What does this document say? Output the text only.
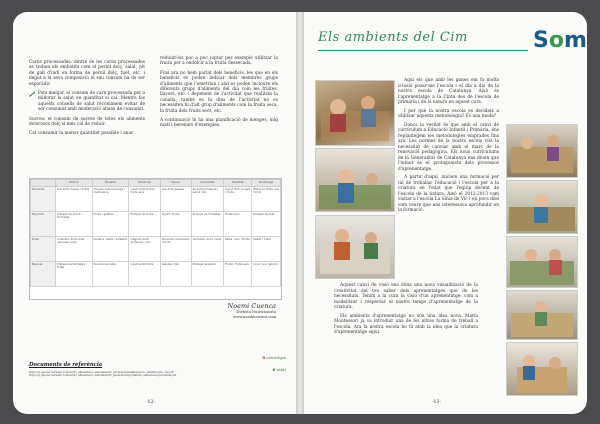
Carns processades: dintre de les carns processades es troben els embotits com el pernil dolç, salat, pit de gall d'indi en forma de pernil dolç, fuet, etc. i degut a la seva composició el seu consum ha de ser esporàdic.

Pots menjar, el consum de carn processada per a millorar la salut en quantitat si cal. Mentre fas aquests consells de salut recomanem evitar de ser consumit amb moderació abans de consumit.

Sucres: el consum de sucres de totes els aliments dolorosos dolç sí més cal de reduir.

Cal consumir la menor quantitat possible i anar

reduint-los poc a poc (optar per exemple utilitzar la fruita per a endolcir a la fruita dessecada.

Fins ara no hem parlat dels beneficis, les que en els beneficis es poden indicar dels membres grups d'aliments que l'ometrían i així es poden incloure els diferents grups d'aliments del dia com les fruites, llavors, etc. i depenent de l'activitat que realitzin la canalla, també es hi dins de l'activitat no es necessiten hi d'alt grup d'aliments com la fruita seca, la fruita dels fruits secs, etc.

A continuació hi ha una planificació de menges, mig matí i berenars d'exemples.

	Dilluns	Dimarts	Dimecres	Dijous	Divendres	Dissabte	Diumenge
Esmorzar	Llet amb cereals i fruita	Torrada amb mantega i melmelada	Iogurt amb fruita i fruits secs	Llet amb galetes	Pa amb tomàquet i pernil dolç	Iogurt amb cereals i fruita	Batut de fruita i pa torrat
Mig matí	Entrepà de pernil i formatge	Fruita i galetes	Entrepà de truita	Iogurt i fruita	Entrepà de formatge	Fruita seca	Entrepà de fuet
Dinar	Amanida, arròs amb verdures i peix	Verdura, pasta i pollastre	Llegums amb verdures i carn	Amanida, macarrons i truita	Verdures, arròs i peix	Pasta, carn i fruita	Paella i fruita
Berenar	Entrepà de formatge i fruita	Pa amb xocolata	Iogurt amb fruita	Galetes i llet	Entrepà de pernil	Fruita i fruits secs	Coca i suc natural
Noemi Cuenca
Dietista Nutricionista
www.noemicuenca.com
Documents de referència
http://cg.gencat.cat/web/.content/01_alimentacio_saludable/02_publicacions/alimentacio_infantil/guia_cas.pdf
http://cg.gencat.cat/web/.content/01_alimentacio_saludable/02_publicacions/piramide_alimentacio/piramide.pdf
✿ estratègia
❀ salut
-12-
Els ambients del Cim	Som

Aquí els que amb les ganes em fa molta il·lusió posar-me l'escola i el dia a dia de la nostra escola de Catalunya. Això és l'aprenentatge a la Cinta des de l'escola de primària i de la natura en aquest curs.

I per què la nostra escola es decideix a utilitzar aquesta metodologia? És una moda?

Doncs la veritat és que amb el canvi de currículum a Educació Infantil i Primària, ens replantegem les metodologies emprades fins ara. Les normes de la nostra escola vist la necessitat de canviar amb el marc de la renovació pedagògica. Els nous currículums de la Generalitat de Catalunya ens diuen que l'infant és el protagonista dels processos d'aprenentatge.

A partir d'aquí, iniciem una formació per tal de treballar l'educació i l'escola per a la criatura en l'edat que l'equip docent de l'escola de la natura. Això el 2012-2013 vam visitar a l'escola La Sínia de Vic i en pocs dies vam veure que ens interessava aprofundir en la formació.

Aquest canvi de visió ens dóna una nova visualització de la creativitat del teu saber dels aprenentatges que de les necessitats. Tenim a la cura la visió d'un aprenentatge: com a modelitzar i respectar el nostre temps d'aprenentatge de la criatura.

Els ambients d'aprenentatge no són una idea nova. María Montessori ja va introduir una de les altres forma de treball a l'escola. Ara la nostra escola ho fa amb la idea que la criatura d'aprenentatge sigui.

-13-
